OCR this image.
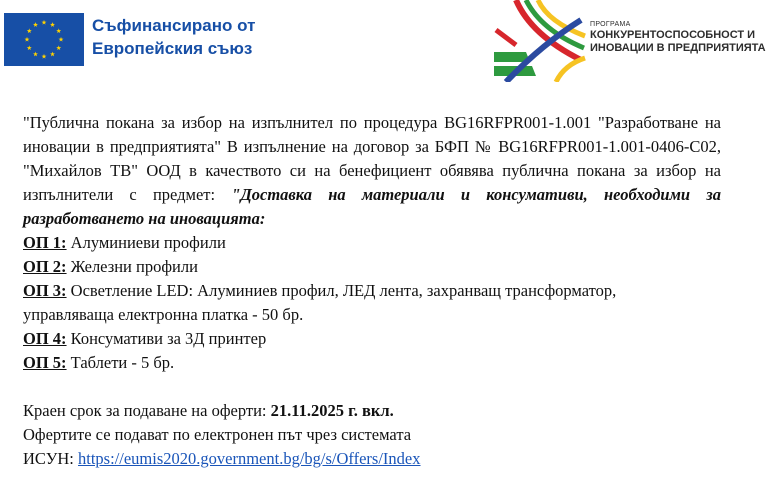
Съфинансирано от
Европейския съюз
ПРОГРАМА
КОНКУРЕНТОСПОСОБНОСТ И
ИНОВАЦИИ В ПРЕДПРИЯТИЯТА

"Публична покана за избор на изпълнител по процедура BG16RFPR001-1.001 "Разработване на иновации в предприятията" В изпълнение на договор за БФП № BG16RFPR001-1.001-0406-C02, "Михайлов ТВ" ООД в качеството си на бенефициент обявява публична покана за избор на изпълнители с предмет: "Доставка на материали и консумативи, необходими за разработването на иновацията:

ОП 1: Алуминиеви профили

ОП 2: Железни профили

ОП 3: Осветление LED: Алуминиев профил, ЛЕД лента, захранващ трансформатор,

управляваща електронна платка - 50 бр.

ОП 4: Консумативи за 3Д принтер

ОП 5: Таблети - 5 бр.

Краен срок за подаване на оферти: 21.11.2025 г. вкл.

Офертите се подават по електронен път чрез системата

ИСУН: https://eumis2020.government.bg/bg/s/Offers/Index
